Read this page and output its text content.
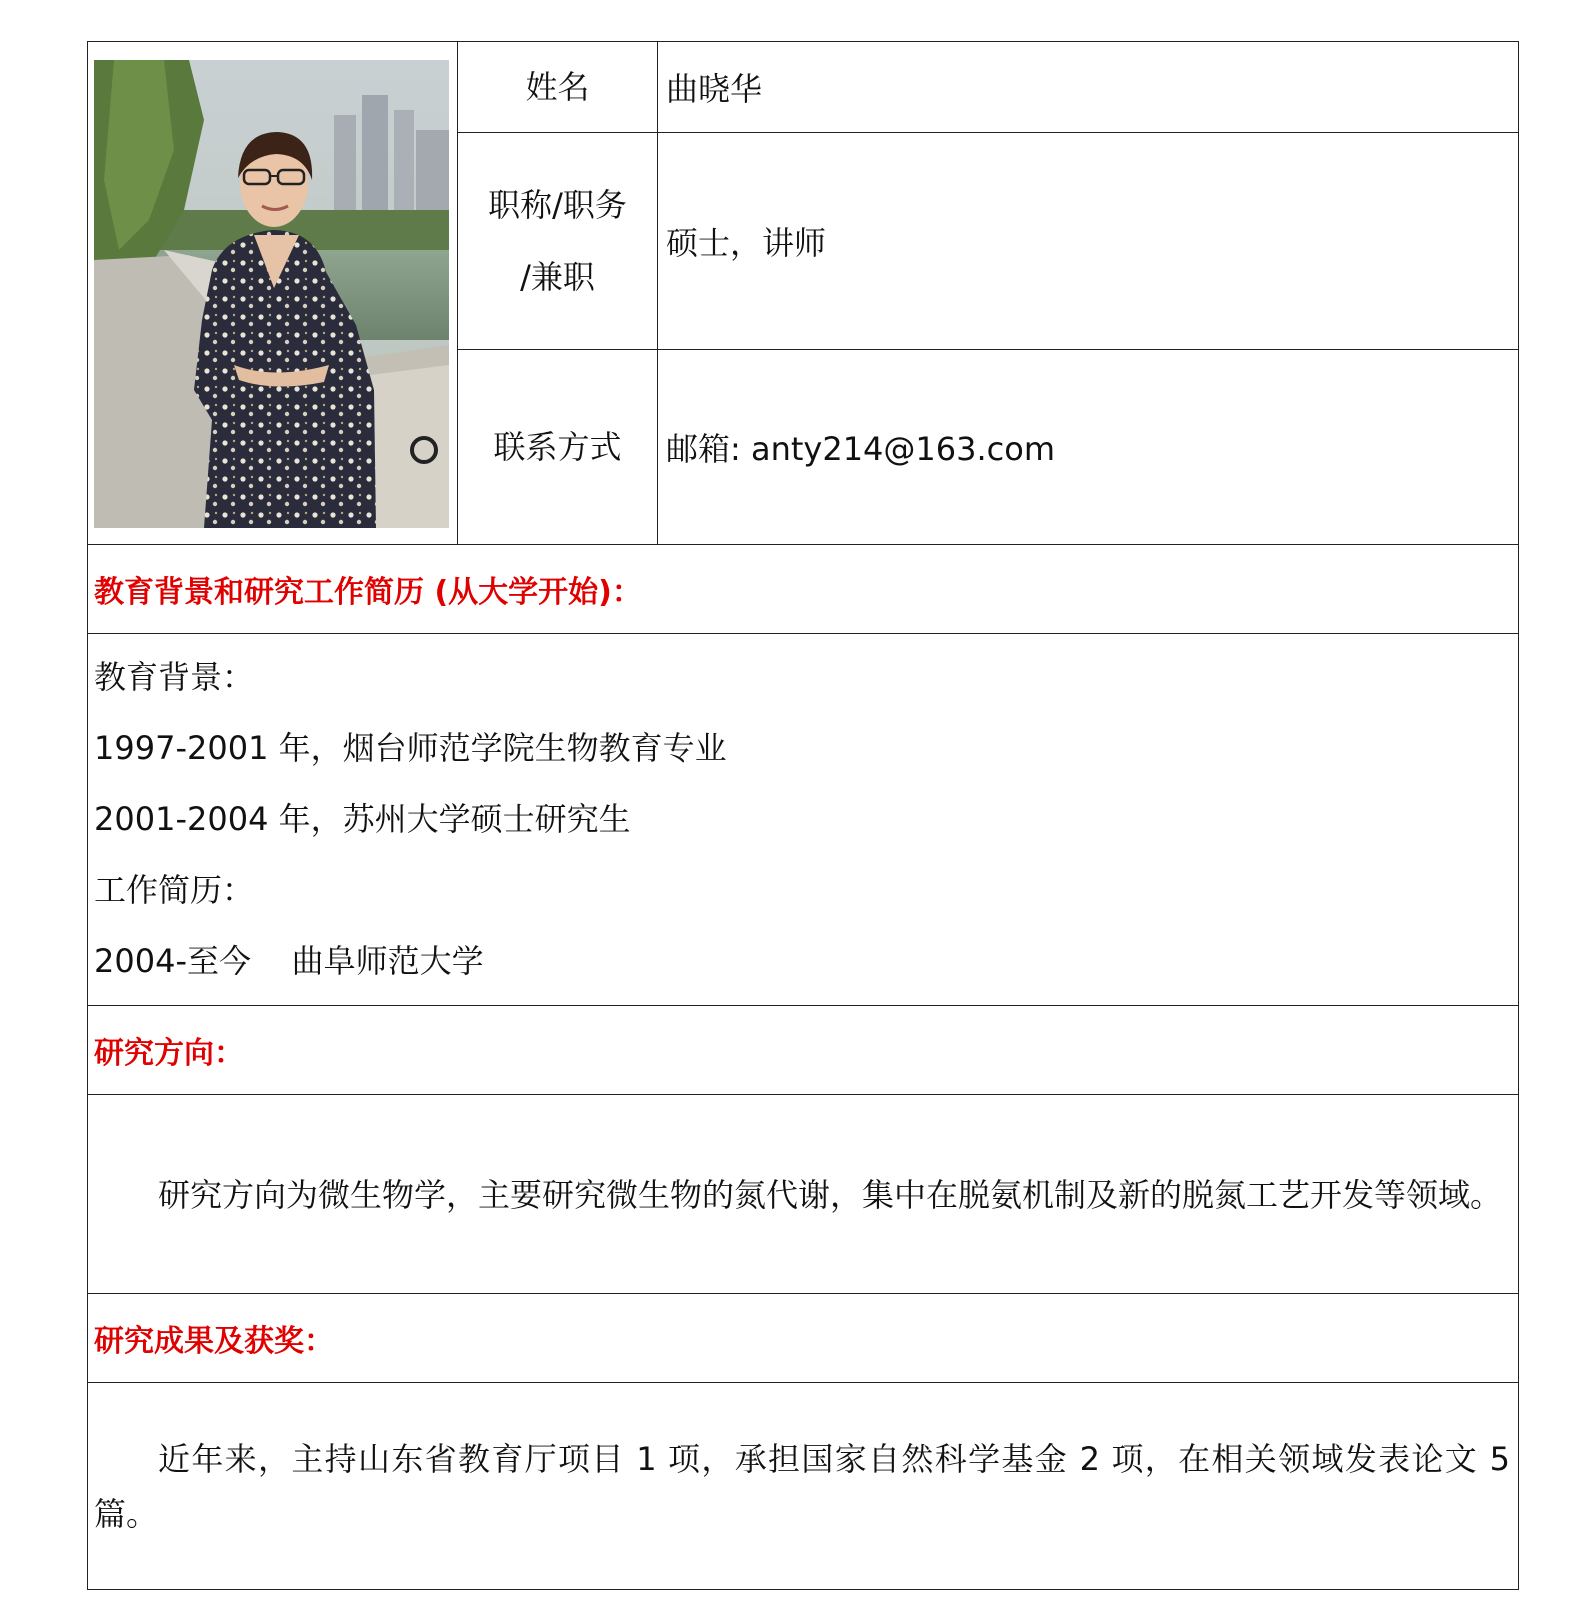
	姓名	曲晓华

	职称/职务
/兼职	硕士，讲师
	联系方式	邮箱: anty214@163.com
教育背景和研究工作简历 (从大学开始)：		

教育背景：
1997-2001 年，烟台师范学院生物教育专业
2001-2004 年，苏州大学硕士研究生
工作简历：
2004-至今    曲阜师范大学		

研究方向：		

研究方向为微生物学，主要研究微生物的氮代谢，集中在脱氨机制及新的脱氮工艺开发等领域。		

研究成果及获奖：		

近年来，主持山东省教育厅项目 1 项，承担国家自然科学基金 2 项，在相关领域发表论文 5 篇。		
